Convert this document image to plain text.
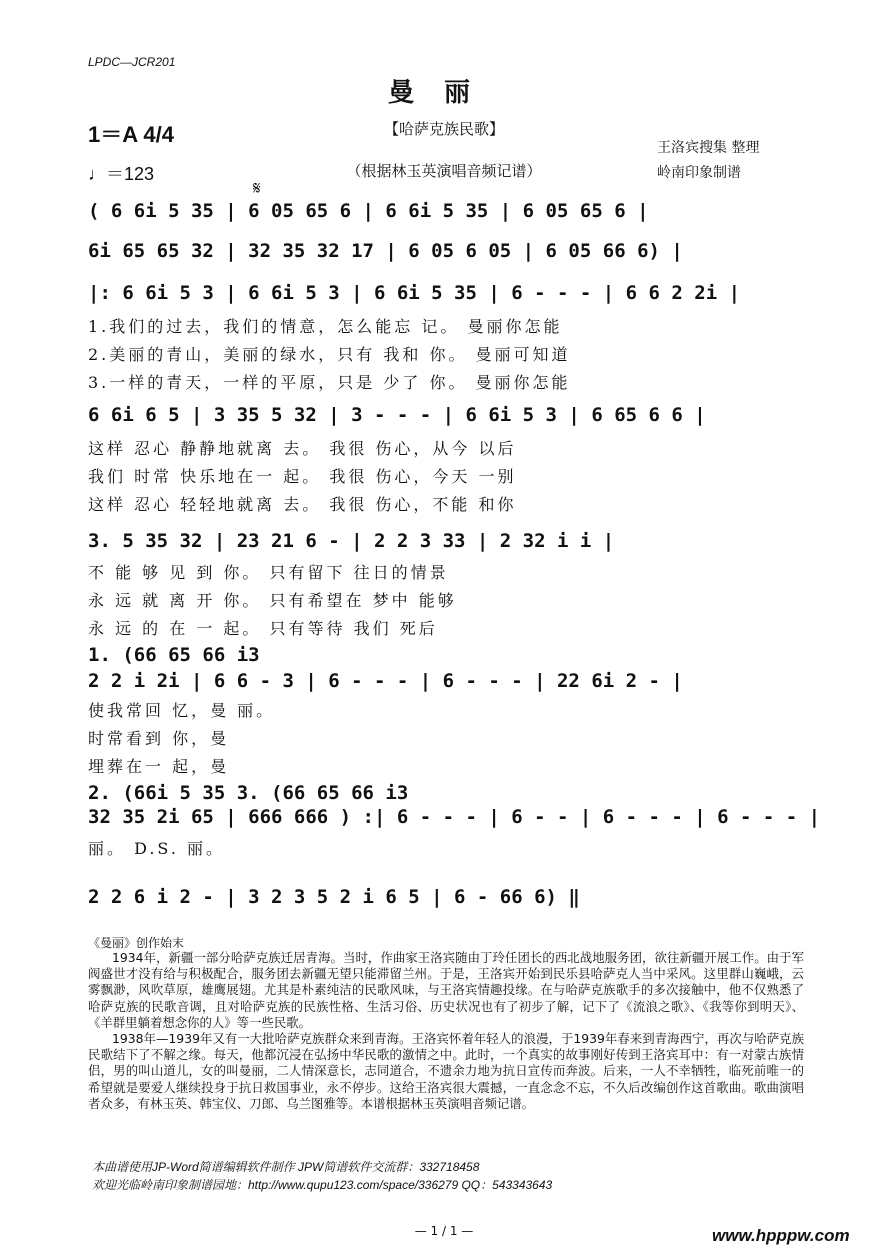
LPDC—JCR201
曼丽
1＝A 4/4
♩＝123
【哈萨克族民歌】
（根据林玉英演唱音频记谱）
王洛宾搜集 整理
岭南印象制谱
𝄋
( 6 6i 5 35 | 6 05 65 6 | 6 6i 5 35 | 6 05 65 6 |
6i 65 65 32 | 32 35 32 17 | 6 05 6 05 | 6 05 66 6) |
|: 6 6i 5 3 | 6 6i 5 3 | 6 6i 5 35 | 6 - - - | 6 6 2 2i |
1.我们的过去，我们的情意，怎么能忘 记。 曼丽你怎能
2.美丽的青山，美丽的绿水，只有 我和 你。 曼丽可知道
3.一样的青天，一样的平原，只是 少了 你。 曼丽你怎能
6 6i 6 5 | 3 35 5 32 | 3 - - - | 6 6i 5 3 | 6 65 6 6 |
这样 忍心 静静地就离 去。 我很 伤心，从今 以后
我们 时常 快乐地在一 起。 我很 伤心，今天 一别
这样 忍心 轻轻地就离 去。 我很 伤心，不能 和你
3. 5 35 32 | 23 21 6 - | 2 2 3 33 | 2 32 i i |
不 能 够 见 到 你。 只有留下 往日的情景
永 远 就 离 开 你。 只有希望在 梦中 能够
永 远 的 在 一 起。 只有等待 我们 死后
1. (66 65 66 i3
2 2 i 2i | 6 6 - 3 | 6 - - - | 6 - - - | 22 6i 2 - |
使我常回 忆，曼 丽。
时常看到 你，曼
埋葬在一 起，曼
2. (66i 5 35 3. (66 65 66 i3
32 35 2i 65 | 666 666 ) :| 6 - - - | 6 - - | 6 - - - | 6 - - - |
丽。 D.S. 丽。
2 2 6 i 2 - | 3 2 3 5 2 i 6 5 | 6 - 66 6) ‖
《曼丽》创作始末

1934年，新疆一部分哈萨克族迁居青海。当时，作曲家王洛宾随由丁玲任团长的西北战地服务团，欲往新疆开展工作。由于军阀盛世才没有给与积极配合，服务团去新疆无望只能滞留兰州。于是，王洛宾开始到民乐县哈萨克人当中采风。这里群山巍峨，云雾飘渺，风吹草原，雄鹰展翅。尤其是朴素纯洁的民歌风味，与王洛宾情趣投缘。在与哈萨克族歌手的多次接触中，他不仅熟悉了哈萨克族的民歌音调，且对哈萨克族的民族性格、生活习俗、历史状况也有了初步了解，记下了《流浪之歌》、《我等你到明天》、《羊群里躺着想念你的人》等一些民歌。

1938年—1939年又有一大批哈萨克族群众来到青海。王洛宾怀着年轻人的浪漫，于1939年春来到青海西宁，再次与哈萨克族民歌结下了不解之缘。每天，他都沉浸在弘扬中华民歌的激情之中。此时，一个真实的故事刚好传到王洛宾耳中：有一对蒙古族情侣，男的叫山道儿，女的叫曼丽，二人情深意长，志同道合，不遗余力地为抗日宣传而奔波。后来，一人不幸牺牲，临死前唯一的希望就是要爱人继续投身于抗日救国事业，永不停步。这给王洛宾很大震撼，一直念念不忘，不久后改编创作这首歌曲。歌曲演唱者众多，有林玉英、韩宝仪、刀郎、乌兰图雅等。本谱根据林玉英演唱音频记谱。

本曲谱使用JP-Word简谱编辑软件制作 JPW简谱软件交流群：332718458
欢迎光临岭南印象制谱园地：http://www.qupu123.com/space/336279 QQ：543343643
— 1 / 1 —	www.hpppw.com
